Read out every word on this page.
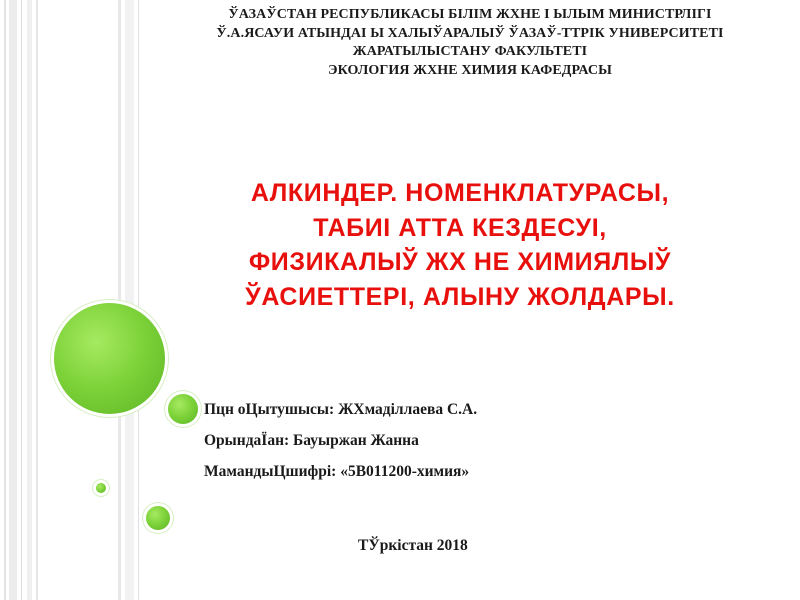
ЎАЗАЎСТАН РЕСПУБЛИКАСЫ БІЛІМ ЖХНЕ І ЫЛЫМ МИНИСТРЛІГІ
Ў.А.ЯСАУИ АТЫНДАІ Ы ХАЛЫЎАРАЛЫЎ ЎАЗАЎ-ТТРІК УНИВЕРСИТЕТІ
ЖАРАТЫЛЫСТАНУ ФАКУЛЬТЕТІ
ЭКОЛОГИЯ ЖХНЕ ХИМИЯ КАФЕДРАСЫ
АЛКИНДЕР. НОМЕНКЛАТУРАСЫ,
ТАБИІ АТТА КЕЗДЕСУІ,
ФИЗИКАЛЫЎ ЖХ НЕ ХИМИЯЛЫЎ
ЎАСИЕТТЕРІ, АЛЫНУ ЖОЛДАРЫ.
Пцн оЦытушысы: ЖХмаділлаева С.А.
ОрындаЇан: Бауыржан Жанна
МамандыЦшифрі: «5В011200-химия»
ТЎркістан 2018
